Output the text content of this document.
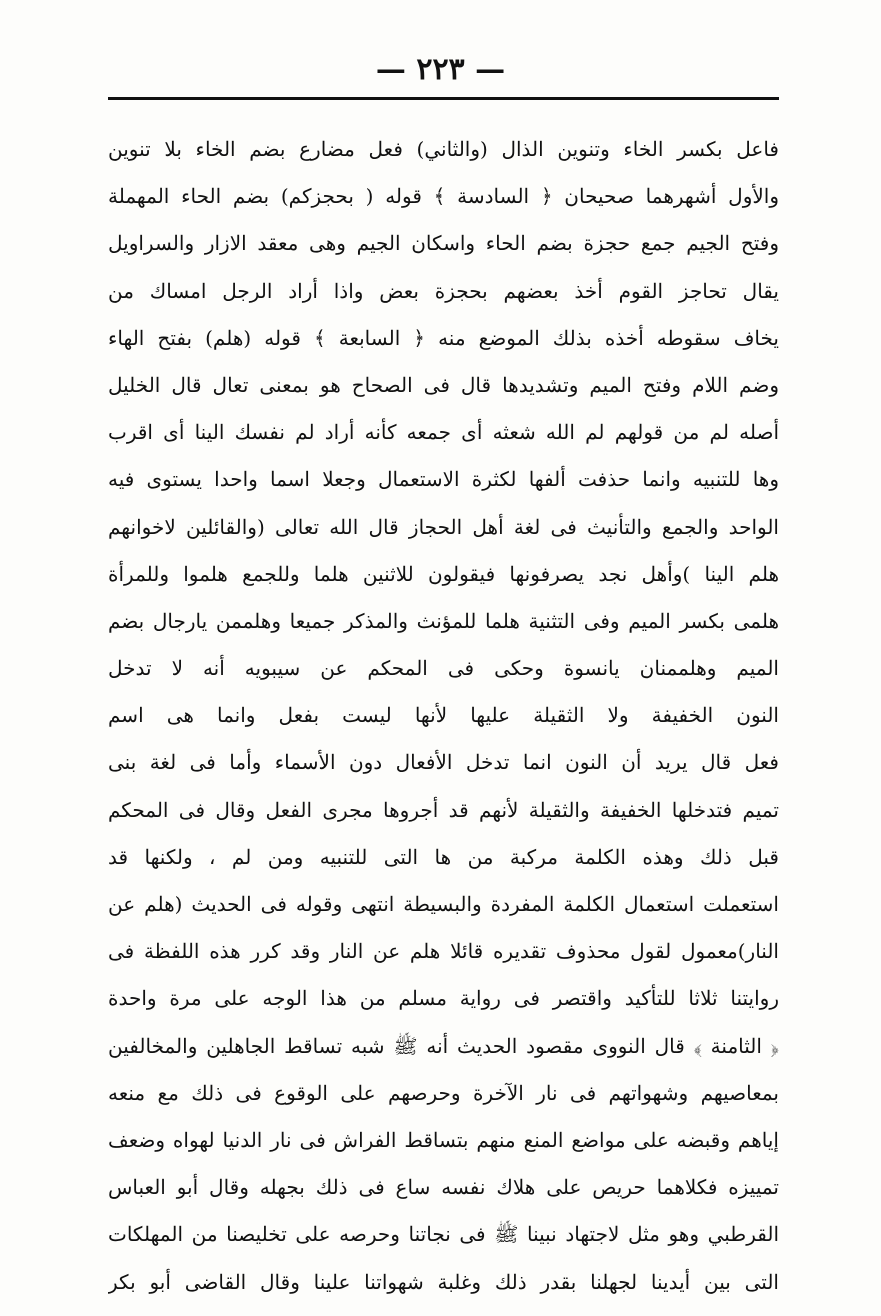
— ٢٢٣ —
فاعل بكسر الخاء وتنوين الذال (والثاني) فعل مضارع بضم الخاء بلا تنوين
والأول أشهرهما صحيحان ﴿ السادسة ﴾ قوله ( بحجزكم) بضم الحاء المهملة
وفتح الجيم جمع حجزة بضم الحاء واسكان الجيم وهى معقد الازار والسراويل
يقال تحاجز القوم أخذ بعضهم بحجزة بعض واذا أراد الرجل امساك من
يخاف سقوطه أخذه بذلك الموضع منه ﴿ السابعة ﴾ قوله (هلم) بفتح الهاء
وضم اللام وفتح الميم وتشديدها قال فى الصحاح هو بمعنى تعال قال الخليل
أصله لم من قولهم لم الله شعثه أى جمعه كأنه أراد لم نفسك الينا أى اقرب
وها للتنبيه وانما حذفت ألفها لكثرة الاستعمال وجعلا اسما واحدا يستوى فيه
الواحد والجمع والتأنيث فى لغة أهل الحجاز قال الله تعالى (والقائلين لاخوانهم
هلم الينا )وأهل نجد يصرفونها فيقولون للاثنين هلما وللجمع هلموا وللمرأة
هلمى بكسر الميم وفى التثنية هلما للمؤنث والمذكر جميعا وهلممن يارجال بضم
الميم وهلممنان يانسوة وحكى فى المحكم عن سيبويه أنه لا تدخل
النون الخفيفة ولا الثقيلة عليها لأنها ليست بفعل وانما هى اسم
فعل قال يريد أن النون انما تدخل الأفعال دون الأسماء وأما فى لغة بنى
تميم فتدخلها الخفيفة والثقيلة لأنهم قد أجروها مجرى الفعل وقال فى المحكم
قبل ذلك وهذه الكلمة مركبة من ها التى للتنبيه ومن لم ، ولكنها قد
استعملت استعمال الكلمة المفردة والبسيطة انتهى وقوله فى الحديث (هلم عن
النار)معمول لقول محذوف تقديره قائلا هلم عن النار وقد كرر هذه اللفظة فى
روايتنا ثلاثا للتأكيد واقتصر فى رواية مسلم من هذا الوجه على مرة واحدة
﴿ الثامنة ﴾ قال النووى مقصود الحديث أنه ﷺ شبه تساقط الجاهلين والمخالفين
بمعاصيهم وشهواتهم فى نار الآخرة وحرصهم على الوقوع فى ذلك مع منعه
إياهم وقبضه على مواضع المنع منهم بتساقط الفراش فى نار الدنيا لهواه وضعف
تمييزه فكلاهما حريص على هلاك نفسه ساع فى ذلك بجهله وقال أبو العباس
القرطبي وهو مثل لاجتهاد نبينا ﷺ فى نجاتنا وحرصه على تخليصنا من المهلكات
التى بين أيدينا لجهلنا بقدر ذلك وغلبة شهواتنا علينا وقال القاضى أبو بكر
